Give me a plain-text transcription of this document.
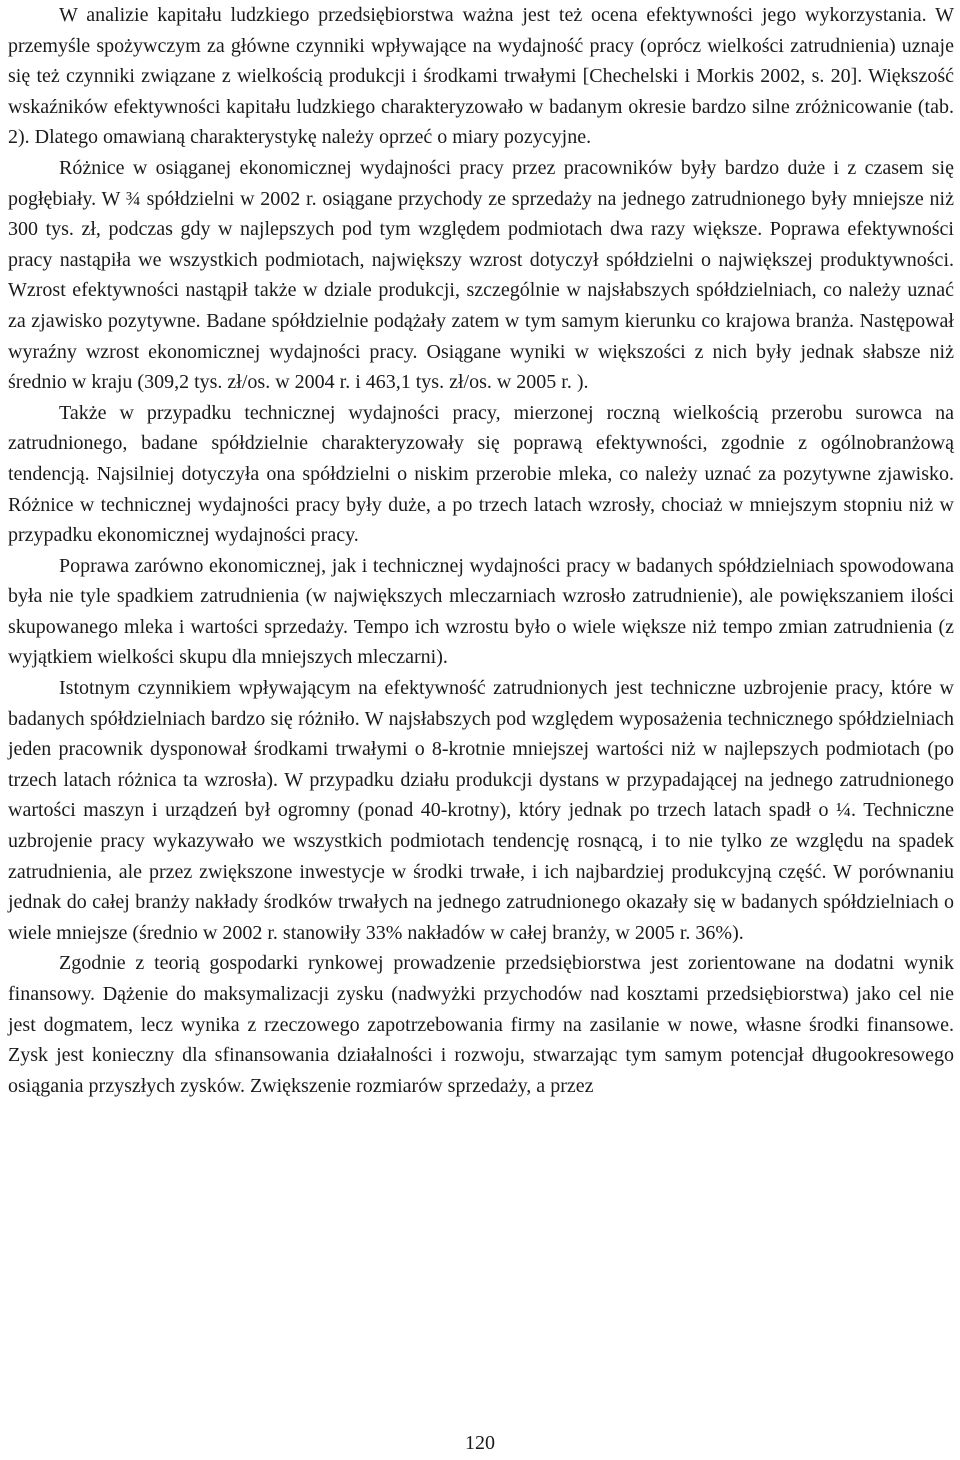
W analizie kapitału ludzkiego przedsiębiorstwa ważna jest też ocena efektywności jego wykorzystania. W przemyśle spożywczym za główne czynniki wpływające na wydajność pracy (oprócz wielkości zatrudnienia) uznaje się też czynniki związane z wielkością produkcji i środkami trwałymi [Chechelski i Morkis 2002, s. 20]. Większość wskaźników efektywności kapitału ludzkiego charakteryzowało w badanym okresie bardzo silne zróżnicowanie (tab. 2). Dlatego omawianą charakterystykę należy oprzeć o miary pozycyjne.

Różnice w osiąganej ekonomicznej wydajności pracy przez pracowników były bardzo duże i z czasem się pogłębiały. W ¾ spółdzielni w 2002 r. osiągane przychody ze sprzedaży na jednego zatrudnionego były mniejsze niż 300 tys. zł, podczas gdy w najlepszych pod tym względem podmiotach dwa razy większe. Poprawa efektywności pracy nastąpiła we wszystkich podmiotach, największy wzrost dotyczył spółdzielni o największej produktywności. Wzrost efektywności nastąpił także w dziale produkcji, szczególnie w najsłabszych spółdzielniach, co należy uznać za zjawisko pozytywne. Badane spółdzielnie podążały zatem w tym samym kierunku co krajowa branża. Następował wyraźny wzrost ekonomicznej wydajności pracy. Osiągane wyniki w większości z nich były jednak słabsze niż średnio w kraju (309,2 tys. zł/os. w 2004 r. i 463,1 tys. zł/os. w 2005 r. ).

Także w przypadku technicznej wydajności pracy, mierzonej roczną wielkością przerobu surowca na zatrudnionego, badane spółdzielnie charakteryzowały się poprawą efektywności, zgodnie z ogólnobranżową tendencją. Najsilniej dotyczyła ona spółdzielni o niskim przerobie mleka, co należy uznać za pozytywne zjawisko. Różnice w technicznej wydajności pracy były duże, a po trzech latach wzrosły, chociaż w mniejszym stopniu niż w przypadku ekonomicznej wydajności pracy.

Poprawa zarówno ekonomicznej, jak i technicznej wydajności pracy w badanych spółdzielniach spowodowana była nie tyle spadkiem zatrudnienia (w największych mleczarniach wzrosło zatrudnienie), ale powiększaniem ilości skupowanego mleka i wartości sprzedaży. Tempo ich wzrostu było o wiele większe niż tempo zmian zatrudnienia (z wyjątkiem wielkości skupu dla mniejszych mleczarni).

Istotnym czynnikiem wpływającym na efektywność zatrudnionych jest techniczne uzbrojenie pracy, które w badanych spółdzielniach bardzo się różniło. W najsłabszych pod względem wyposażenia technicznego spółdzielniach jeden pracownik dysponował środkami trwałymi o 8-krotnie mniejszej wartości niż w najlepszych podmiotach (po trzech latach różnica ta wzrosła). W przypadku działu produkcji dystans w przypadającej na jednego zatrudnionego wartości maszyn i urządzeń był ogromny (ponad 40-krotny), który jednak po trzech latach spadł o ¼. Techniczne uzbrojenie pracy wykazywało we wszystkich podmiotach tendencję rosnącą, i to nie tylko ze względu na spadek zatrudnienia, ale przez zwiększone inwestycje w środki trwałe, i ich najbardziej produkcyjną część. W porównaniu jednak do całej branży nakłady środków trwałych na jednego zatrudnionego okazały się w badanych spółdzielniach o wiele mniejsze (średnio w 2002 r. stanowiły 33% nakładów w całej branży, w 2005 r. 36%).

Zgodnie z teorią gospodarki rynkowej prowadzenie przedsiębiorstwa jest zorientowane na dodatni wynik finansowy. Dążenie do maksymalizacji zysku (nadwyżki przychodów nad kosztami przedsiębiorstwa) jako cel nie jest dogmatem, lecz wynika z rzeczowego zapotrzebowania firmy na zasilanie w nowe, własne środki finansowe. Zysk jest konieczny dla sfinansowania działalności i rozwoju, stwarzając tym samym potencjał długookresowego osiągania przyszłych zysków. Zwiększenie rozmiarów sprzedaży, a przez

120
